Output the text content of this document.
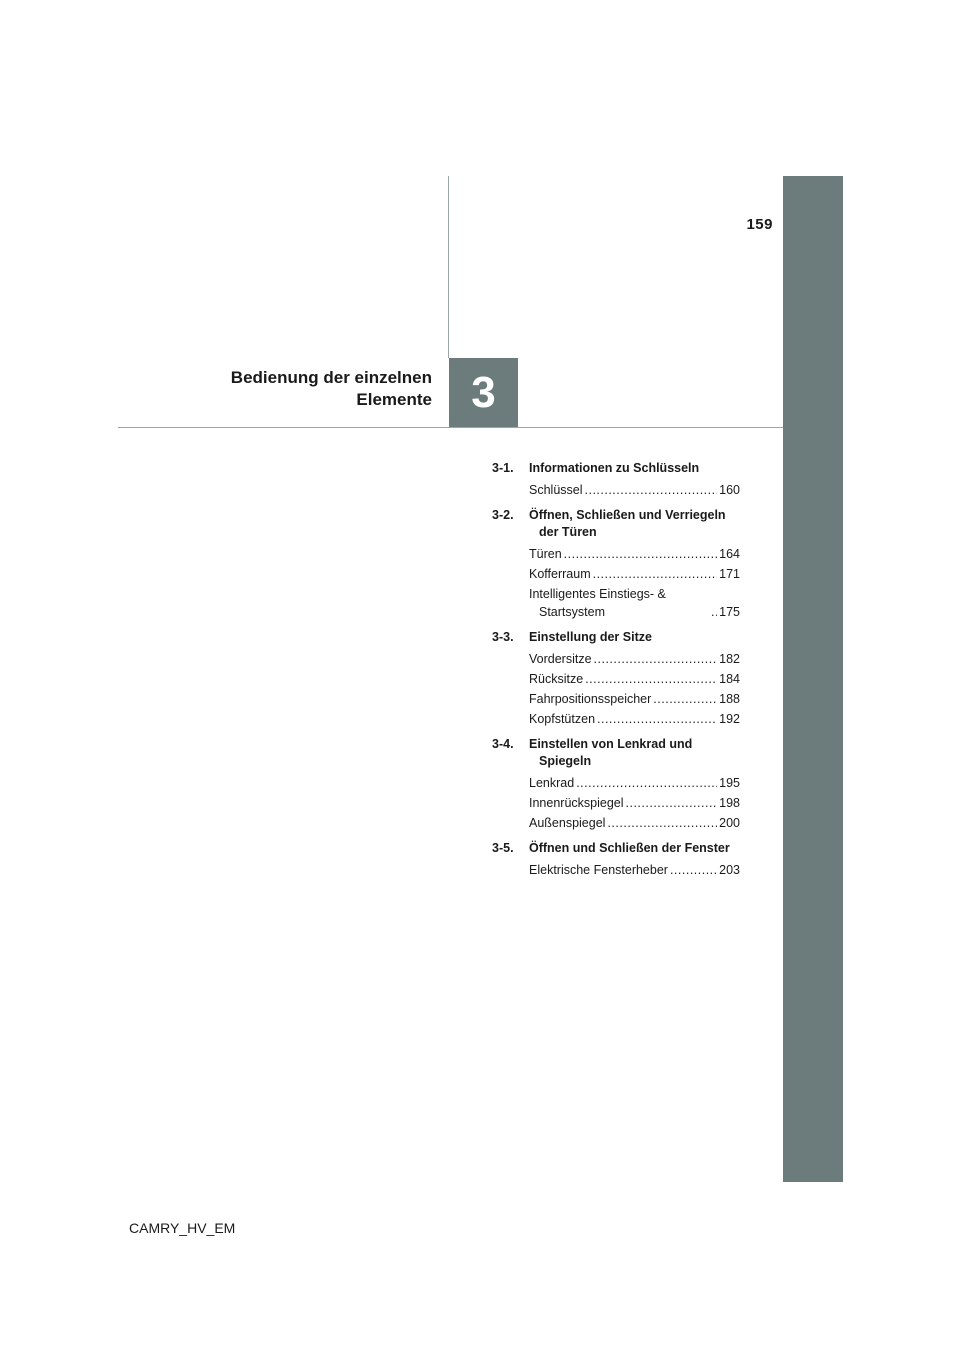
159
Bedienung der einzelnen
Elemente 3
3-1.	Informationen zu Schlüsseln
Schlüssel .....	160
3-2.	Öffnen, Schließen und Verriegeln der Türen
Türen .....	164
Kofferraum .....	171
Intelligentes Einstiegs- & Startsystem .....	175
3-3.	Einstellung der Sitze
Vordersitze .....	182
Rücksitze .....	184
Fahrpositionsspeicher .....	188
Kopfstützen .....	192
3-4.	Einstellen von Lenkrad und Spiegeln
Lenkrad .....	195
Innenrückspiegel .....	198
Außenspiegel .....	200
3-5.	Öffnen und Schließen der Fenster
Elektrische Fensterheber .....	203
CAMRY_HV_EM
